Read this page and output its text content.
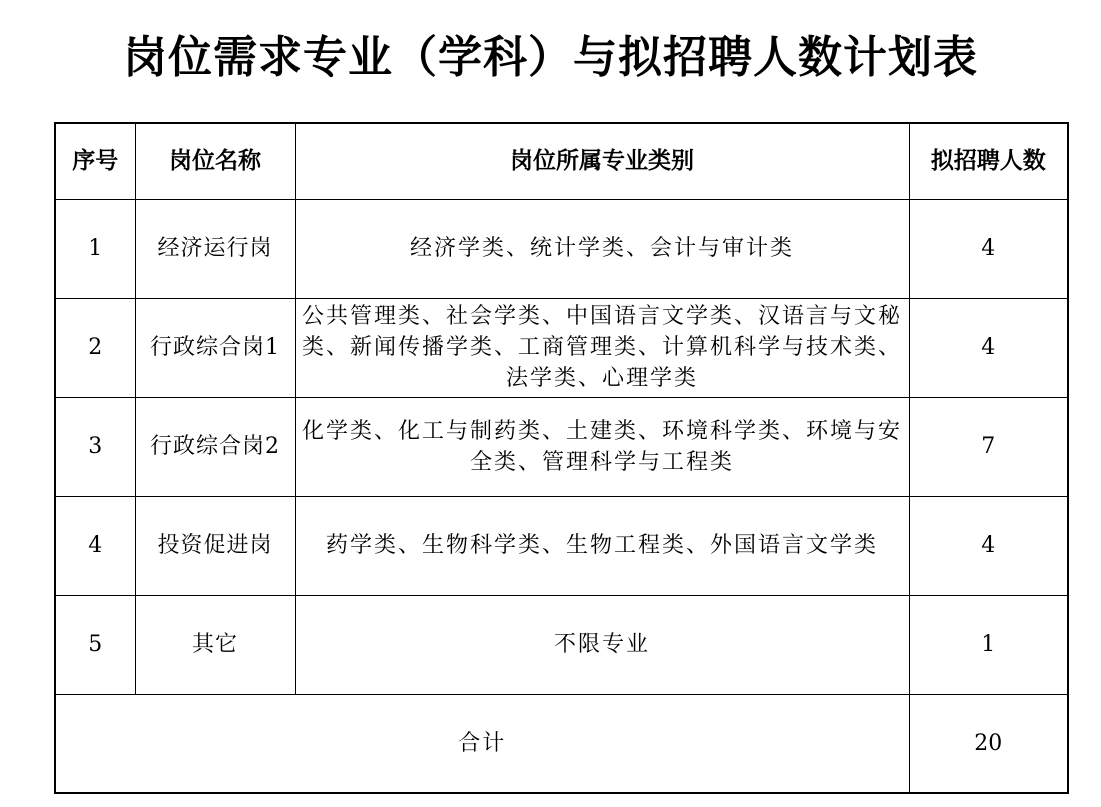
岗位需求专业（学科）与拟招聘人数计划表
序号	岗位名称	岗位所属专业类别	拟招聘人数
1	经济运行岗	经济学类、统计学类、会计与审计类	4
2	行政综合岗1	公共管理类、社会学类、中国语言文学类、汉语言与文秘类、新闻传播学类、工商管理类、计算机科学与技术类、法学类、心理学类	4
3	行政综合岗2	化学类、化工与制药类、土建类、环境科学类、环境与安全类、管理科学与工程类	7
4	投资促进岗	药学类、生物科学类、生物工程类、外国语言文学类	4
5	其它	不限专业	1
合计			20
